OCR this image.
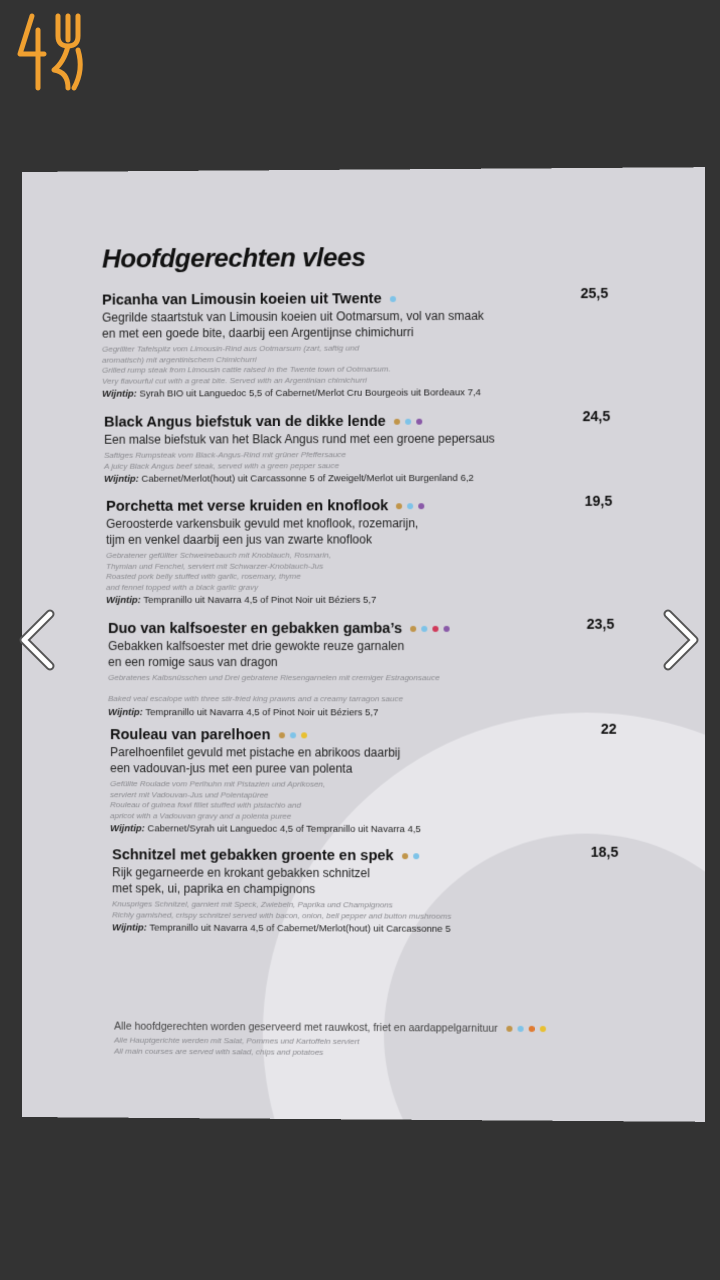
Hoofdgerechten vlees
Picanha van Limousin koeien uit Twente
Gegrilde staartstuk van Limousin koeien uit Ootmarsum, vol van smaak
en met een goede bite, daarbij een Argentijnse chimichurri
Gegrillter Tafelspitz vom Limousin-Rind aus Ootmarsum (zart, saftig und
aromatisch) mit argentinischem Chimichurri
Grilled rump steak from Limousin cattle raised in the Twente town of Ootmarsum.
Very flavourful cut with a great bite. Served with an Argentinian chimichurri
Wijntip: Syrah BIO uit Languedoc 5,5 of Cabernet/Merlot Cru Bourgeois uit Bordeaux 7,4
25,5
Black Angus biefstuk van de dikke lende
Een malse biefstuk van het Black Angus rund met een groene pepersaus
Saftiges Rumpsteak vom Black-Angus-Rind mit grüner Pfeffersauce
A juicy Black Angus beef steak, served with a green pepper sauce
Wijntip: Cabernet/Merlot(hout) uit Carcassonne 5 of Zweigelt/Merlot uit Burgenland 6,2
24,5
Porchetta met verse kruiden en knoflook
Geroosterde varkensbuik gevuld met knoflook, rozemarijn,
tijm en venkel daarbij een jus van zwarte knoflook
Gebratener gefüllter Schweinebauch mit Knoblauch, Rosmarin,
Thymian und Fenchel, serviert mit Schwarzer-Knoblauch-Jus
Roasted pork belly stuffed with garlic, rosemary, thyme
and fennel topped with a black garlic gravy
Wijntip: Tempranillo uit Navarra 4,5 of Pinot Noir uit Béziers 5,7
19,5
Duo van kalfsoester en gebakken gamba’s
Gebakken kalfsoester met drie gewokte reuze garnalen
en een romige saus van dragon
Gebratenes Kalbsnüsschen und Drei gebratene Riesengarnelen mit cremiger Estragonsauce

Baked veal escalope with three stir-fried king prawns and a creamy tarragon sauce
Wijntip: Tempranillo uit Navarra 4,5 of Pinot Noir uit Béziers 5,7
23,5
Rouleau van parelhoen
Parelhoenfilet gevuld met pistache en abrikoos daarbij
een vadouvan-jus met een puree van polenta
Gefüllte Roulade vom Perlhuhn mit Pistazien und Aprikosen,
serviert mit Vadouvan-Jus und Polentapüree
Rouleau of guinea fowl fillet stuffed with pistachio and
apricot with a Vadouvan gravy and a polenta puree
Wijntip: Cabernet/Syrah uit Languedoc 4,5 of Tempranillo uit Navarra 4,5
22
Schnitzel met gebakken groente en spek
Rijk gegarneerde en krokant gebakken schnitzel
met spek, ui, paprika en champignons
Knuspriges Schnitzel, garniert mit Speck, Zwiebeln, Paprika und Champignons
Richly garnished, crispy schnitzel served with bacon, onion, bell pepper and button mushrooms
Wijntip: Tempranillo uit Navarra 4,5 of Cabernet/Merlot(hout) uit Carcassonne 5
18,5
Alle hoofdgerechten worden geserveerd met rauwkost, friet en aardappelgarnituur
Alle Hauptgerichte werden mit Salat, Pommes und Kartoffeln serviert
All main courses are served with salad, chips and potatoes
